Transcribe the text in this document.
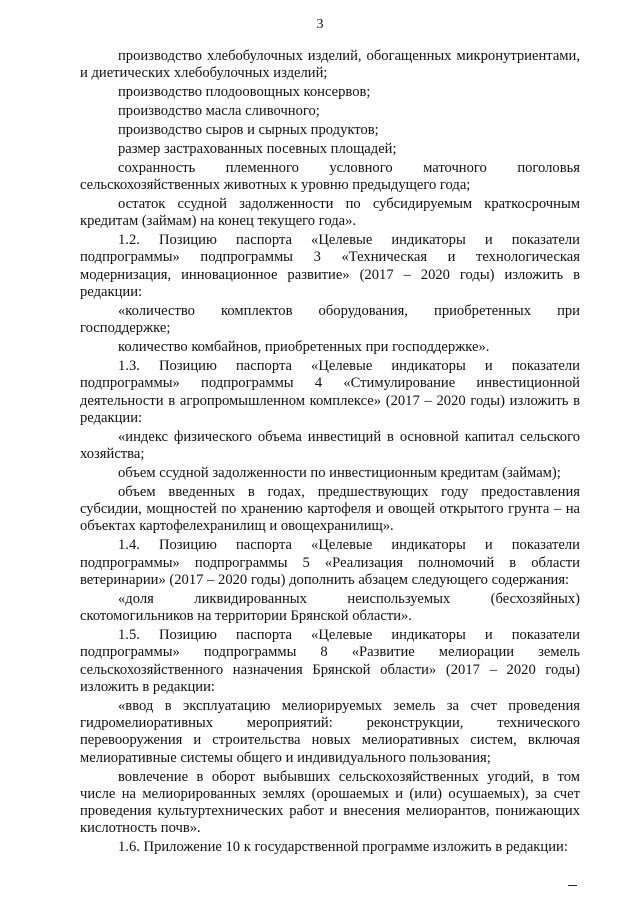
3

производство хлебобулочных изделий, обогащенных микронутриентами, и диетических хлебобулочных изделий;

производство плодоовощных консервов;

производство масла сливочного;

производство сыров и сырных продуктов;

размер застрахованных посевных площадей;

сохранность племенного условного маточного поголовья сельскохозяйственных животных к уровню предыдущего года;

остаток ссудной задолженности по субсидируемым краткосрочным кредитам (займам) на конец текущего года».

1.2. Позицию паспорта «Целевые индикаторы и показатели подпрограммы» подпрограммы 3 «Техническая и технологическая модернизация, инновационное развитие» (2017 – 2020 годы) изложить в редакции:

«количество комплектов оборудования, приобретенных при господдержке;

количество комбайнов, приобретенных при господдержке».

1.3. Позицию паспорта «Целевые индикаторы и показатели подпрограммы» подпрограммы 4 «Стимулирование инвестиционной деятельности в агропромышленном комплексе» (2017 – 2020 годы) изложить в редакции:

«индекс физического объема инвестиций в основной капитал сельского хозяйства;

объем ссудной задолженности по инвестиционным кредитам (займам);

объем введенных в годах, предшествующих году предоставления субсидии, мощностей по хранению картофеля и овощей открытого грунта – на объектах картофелехранилищ и овощехранилищ».

1.4. Позицию паспорта «Целевые индикаторы и показатели подпрограммы» подпрограммы 5 «Реализация полномочий в области ветеринарии» (2017 – 2020 годы) дополнить абзацем следующего содержания:

«доля ликвидированных неиспользуемых (бесхозяйных) скотомогильников на территории Брянской области».

1.5. Позицию паспорта «Целевые индикаторы и показатели подпрограммы» подпрограммы 8 «Развитие мелиорации земель сельскохозяйственного назначения Брянской области» (2017 – 2020 годы) изложить в редакции:

«ввод в эксплуатацию мелиорируемых земель за счет проведения гидромелиоративных мероприятий: реконструкции, технического перевооружения и строительства новых мелиоративных систем, включая мелиоративные системы общего и индивидуального пользования;

вовлечение в оборот выбывших сельскохозяйственных угодий, в том числе на мелиорированных землях (орошаемых и (или) осушаемых), за счет проведения культуртехнических работ и внесения мелиорантов, понижающих кислотность почв».

1.6. Приложение 10 к государственной программе изложить в редакции:
